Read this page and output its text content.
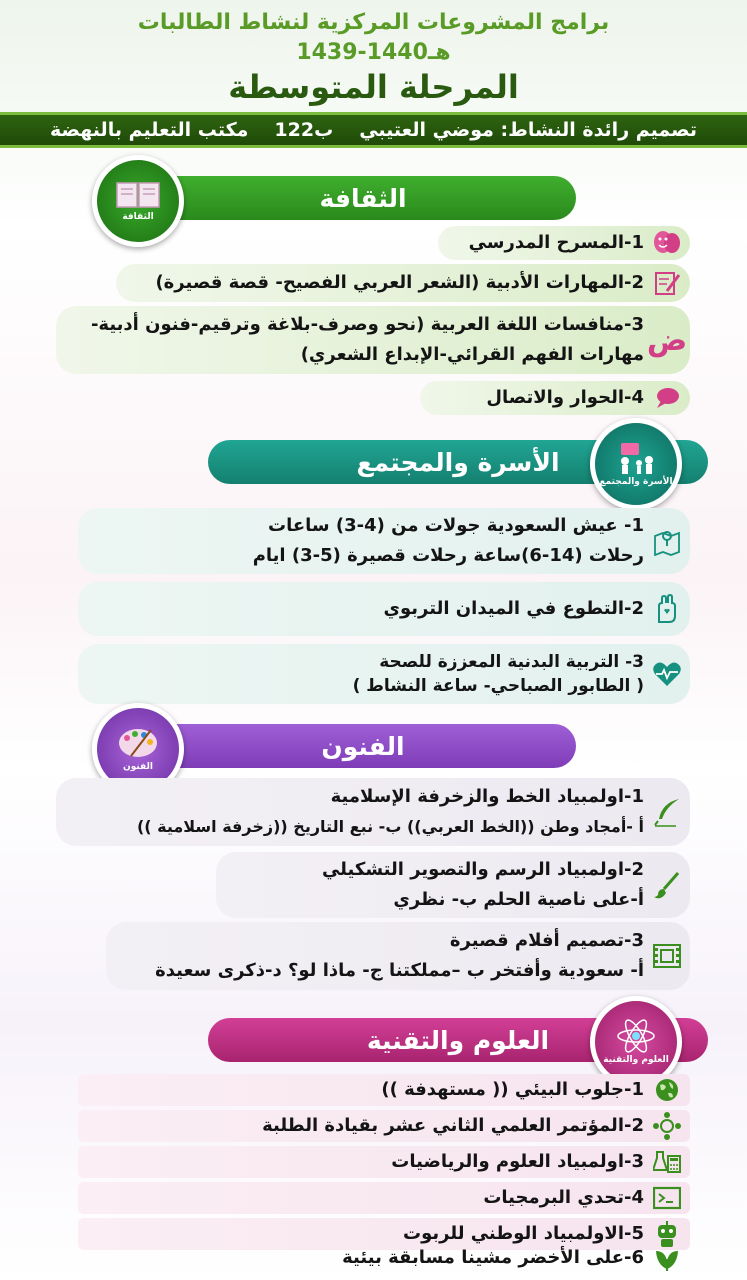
برامج المشروعات المركزية لنشاط الطالبات
1439-1440هـ
المرحلة المتوسطة
تصميم رائدة النشاط: موضي العتيبي
ب122
مكتب التعليم بالنهضة
الثقافة
الثقافة
1-المسرح المدرسي
2-المهارات الأدبية (الشعر العربي الفصيح- قصة قصيرة)
ض
3-منافسات اللغة العربية (نحو وصرف-بلاغة وترقيم-فنون أدبية-
مهارات الفهم القرائي-الإبداع الشعري)
4-الحوار والاتصال
الأسرة والمجتمع
الأسرة والمجتمع
1- عيش السعودية جولات من (4-3) ساعات
رحلات (14-6)ساعة رحلات قصيرة (5-3) ايام
2-التطوع في الميدان التربوي
3- التربية البدنية المعززة للصحة
( الطابور الصباحي- ساعة النشاط )
الفنون
الفنون
1-اولمبياد الخط والزخرفة الإسلامية
أ -أمجاد وطن ((الخط العربي)) ب- نبع التاريخ ((زخرفة اسلامية ))
2-اولمبياد الرسم والتصوير التشكيلي
أ-على ناصية الحلم ب- نظري
3-تصميم أفلام قصيرة
أ- سعودية وأفتخر ب –مملكتنا ج- ماذا لو؟ د-ذكرى سعيدة
العلوم والتقنية
العلوم والتقنية
1-جلوب البيئي (( مستهدفة ))
2-المؤتمر العلمي الثاني عشر بقيادة الطلبة
3-اولمبياد العلوم والرياضيات
4-تحدي البرمجيات
5-الاولمبياد الوطني للربوت
6-على الأخضر مشينا مسابقة بيئية
